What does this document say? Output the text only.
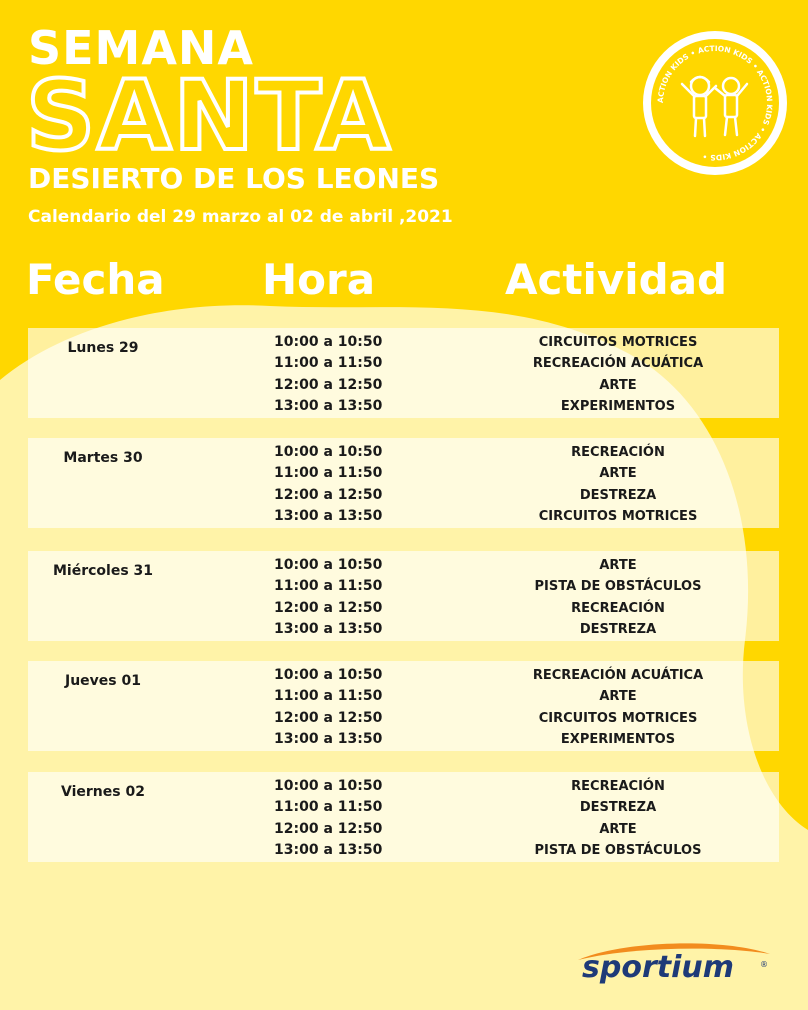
SEMANA
SANTA
DESIERTO DE LOS LEONES
Calendario del 29 marzo al 02 de abril ,2021
ACTION KIDS • ACTION KIDS • ACTION KIDS • ACTION KIDS •
Fecha Hora	Actividad
Lunes 29	10:00 a 10:50	CIRCUITOS MOTRICES
11:00 a 11:50	RECREACIÓN ACUÁTICA
12:00 a 12:50	ARTE
13:00 a 13:50	EXPERIMENTOS
Martes 30	10:00 a 10:50	RECREACIÓN
11:00 a 11:50	ARTE
12:00 a 12:50	DESTREZA
13:00 a 13:50	CIRCUITOS MOTRICES
Miércoles 31	10:00 a 10:50	ARTE
11:00 a 11:50	PISTA DE OBSTÁCULOS
12:00 a 12:50	RECREACIÓN
13:00 a 13:50	DESTREZA
Jueves 01	10:00 a 10:50	RECREACIÓN ACUÁTICA
11:00 a 11:50	ARTE
12:00 a 12:50	CIRCUITOS MOTRICES
13:00 a 13:50	EXPERIMENTOS
Viernes 02	10:00 a 10:50	RECREACIÓN
11:00 a 11:50	DESTREZA
12:00 a 12:50	ARTE
13:00 a 13:50	PISTA DE OBSTÁCULOS
sportium	®
